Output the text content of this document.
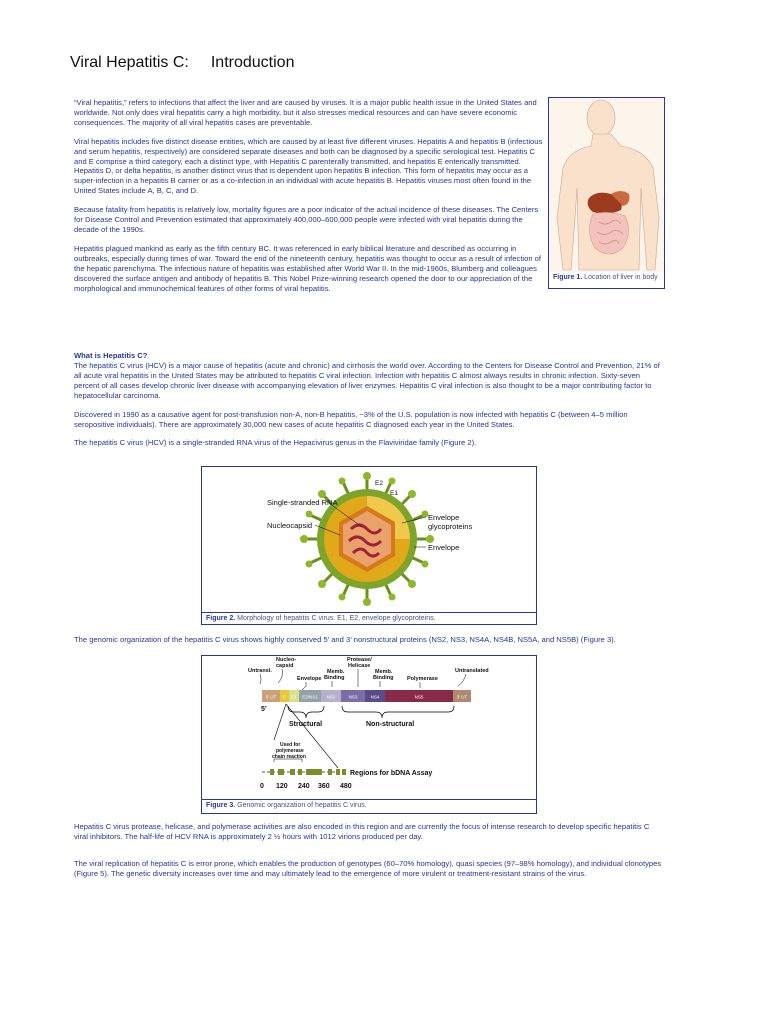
Viral Hepatitis C: Introduction

“Viral hepatitis,” refers to infections that affect the liver and are caused by viruses. It is a major public health issue in the United States and worldwide. Not only does viral hepatitis carry a high morbidity, but it also stresses medical resources and can have severe economic consequences. The majority of all viral hepatitis cases are preventable.

Viral hepatitis includes five distinct disease entities, which are caused by at least five different viruses. Hepatitis A and hepatitis B (infectious and serum hepatitis, respectively) are considered separate diseases and both can be diagnosed by a specific serological test. Hepatitis C and E comprise a third category, each a distinct type, with Hepatitis C parenterally transmitted, and hepatitis E enterically transmitted. Hepatitis D, or delta hepatitis, is another distinct virus that is dependent upon hepatitis B infection. This form of hepatitis may occur as a super-infection in a hepatitis B carrier or as a co-infection in an individual with acute hepatitis B. Hepatitis viruses most often found in the United States include A, B, C, and D.

Because fatality from hepatitis is relatively low, mortality figures are a poor indicator of the actual incidence of these diseases. The Centers for Disease Control and Prevention estimated that approximately 400,000–600,000 people were infected with viral hepatitis during the decade of the 1990s.

Hepatitis plagued mankind as early as the fifth century BC. It was referenced in early biblical literature and described as occurring in outbreaks, especially during times of war. Toward the end of the nineteenth century, hepatitis was thought to occur as a result of infection of the hepatic parenchyma. The infectious nature of hepatitis was established after World War II. In the mid-1960s, Blumberg and colleagues discovered the surface antigen and antibody of hepatitis B. This Nobel Prize-winning research opened the door to our appreciation of the morphological and immunochemical features of other forms of viral hepatitis.

Figure 1. Location of liver in body
What is Hepatitis C?

The hepatitis C virus (HCV) is a major cause of hepatitis (acute and chronic) and cirrhosis the world over. According to the Centers for Disease Control and Prevention, 21% of all acute viral hepatitis in the United States may be attributed to hepatitis C viral infection. Infection with hepatitis C almost always results in chronic infection. Sixty-seven percent of all cases develop chronic liver disease with accompanying elevation of liver enzymes. Hepatitis C viral infection is also thought to be a major contributing factor to hepatocellular carcinoma.

Discovered in 1990 as a causative agent for post-transfusion non-A, non-B hepatitis, ~3% of the U.S. population is now infected with hepatitis C (between 4–5 million seropositive individuals). There are approximately 30,000 new cases of acute hepatitis C diagnosed each year in the United States.

The hepatitis C virus (HCV) is a single-stranded RNA virus of the Hepacivirus genus in the Flaviviridae family (Figure 2).

Single-stranded RNA
Nucleocapsid
Envelope
glycoproteins
Envelope
E2
E1
Figure 2. Morphology of hepatitis C virus. E1, E2, envelope glycoproteins.
The genomic organization of the hepatitis C virus shows highly conserved 5’ and 3’ nonstructural proteins (NS2, NS3, NS4A, NS4B, NS5A, and NS5B) (Figure 3).
Untransl.
Nucleo-
capsid
Envelope
Memb.
Binding
Protease/
Helicase
Memb.
Binding Polymerase
Untranslated
5' UT C E1 E2/NS1 NS2	NS3	NS4	NS5	3' UT
5’
Structural	Non-structural
Used for
polymerase
chain reaction
Regions for bDNA Assay
0 120 240 360 480
Figure 3. Genomic organization of hepatitis C virus.
Hepatitis C virus protease, helicase, and polymerase activities are also encoded in this region and are currently the focus of intense research to develop specific hepatitis C viral inhibitors. The half-life of HCV RNA is approximately 2 ½ hours with 1012 virions produced per day.
The viral replication of hepatitis C is error prone, which enables the production of genotypes (60–70% homology), quasi species (97–98% homology), and individual clonotypes (Figure 5). The genetic diversity increases over time and may ultimately lead to the emergence of more virulent or treatment-resistant strains of the virus.
